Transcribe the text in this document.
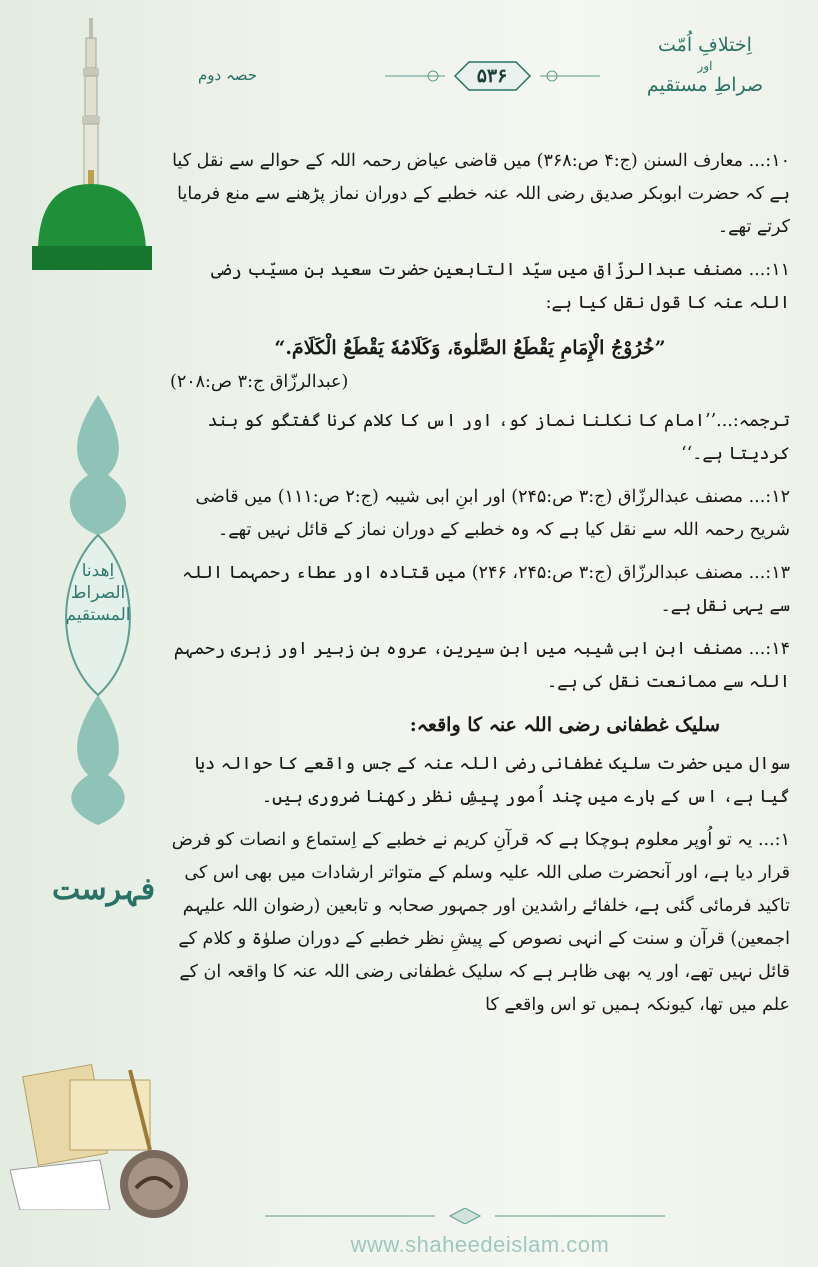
اِھدنا الصراط المستقیم
فہرست
اِختلافِ اُمّت
اور
صراطِ مستقیم
حصہ دوم	۵۳۶

۱۰:... معارف السنن (ج:۴ ص:۳۶۸) میں قاضی عیاض رحمہ اللہ کے حوالے سے نقل کیا ہے کہ حضرت ابوبکر صدیق رضی اللہ عنہ خطبے کے دوران نماز پڑھنے سے منع فرمایا کرتے تھے۔

۱۱:... مصنف عبدالرزّاق میں سیّد التابعین حضرت سعید بن مسیّب رضی اللہ عنہ کا قول نقل کیا ہے:

”خُرُوْجُ الْإِمَامِ يَقْطَعُ الصَّلٰوةَ، وَكَلَامُهٗ يَقْطَعُ الْكَلَامَ.“
(عبدالرزّاق ج:۳ ص:۲۰۸)

ترجمہ:...’’امام کا نکلنا نماز کو، اور اس کا کلام کرنا گفتگو کو بند کردیتا ہے۔‘‘

۱۲:... مصنف عبدالرزّاق (ج:۳ ص:۲۴۵) اور ابنِ ابی شیبہ (ج:۲ ص:۱۱۱) میں قاضی شریح رحمہ اللہ سے نقل کیا ہے کہ وہ خطبے کے دوران نماز کے قائل نہیں تھے۔

۱۳:... مصنف عبدالرزّاق (ج:۳ ص:۲۴۵، ۲۴۶) میں قتادہ اور عطاء رحمہما اللہ سے یہی نقل ہے۔

۱۴:... مصنف ابنِ ابی شیبہ میں ابنِ سیرین، عروہ بن زبیر اور زہری رحمہم اللہ سے ممانعت نقل کی ہے۔

سلیک غطفانی رضی اللہ عنہ کا واقعہ:

سوال میں حضرت سلیک غطفانی رضی اللہ عنہ کے جس واقعے کا حوالہ دیا گیا ہے، اس کے بارے میں چند اُمور پیشِ نظر رکھنا ضروری ہیں۔

۱:... یہ تو اُوپر معلوم ہوچکا ہے کہ قرآنِ کریم نے خطبے کے اِستماع و انصات کو فرض قرار دیا ہے، اور آنحضرت صلی اللہ علیہ وسلم کے متواتر ارشادات میں بھی اس کی تاکید فرمائی گئی ہے، خلفائے راشدین اور جمہور صحابہ و تابعین (رضوان اللہ علیہم اجمعین) قرآن و سنت کے انہی نصوص کے پیشِ نظر خطبے کے دوران صلوٰۃ و کلام کے قائل نہیں تھے، اور یہ بھی ظاہر ہے کہ سلیک غطفانی رضی اللہ عنہ کا واقعہ ان کے علم میں تھا، کیونکہ ہمیں تو اس واقعے کا

www.shaheedeislam.com
